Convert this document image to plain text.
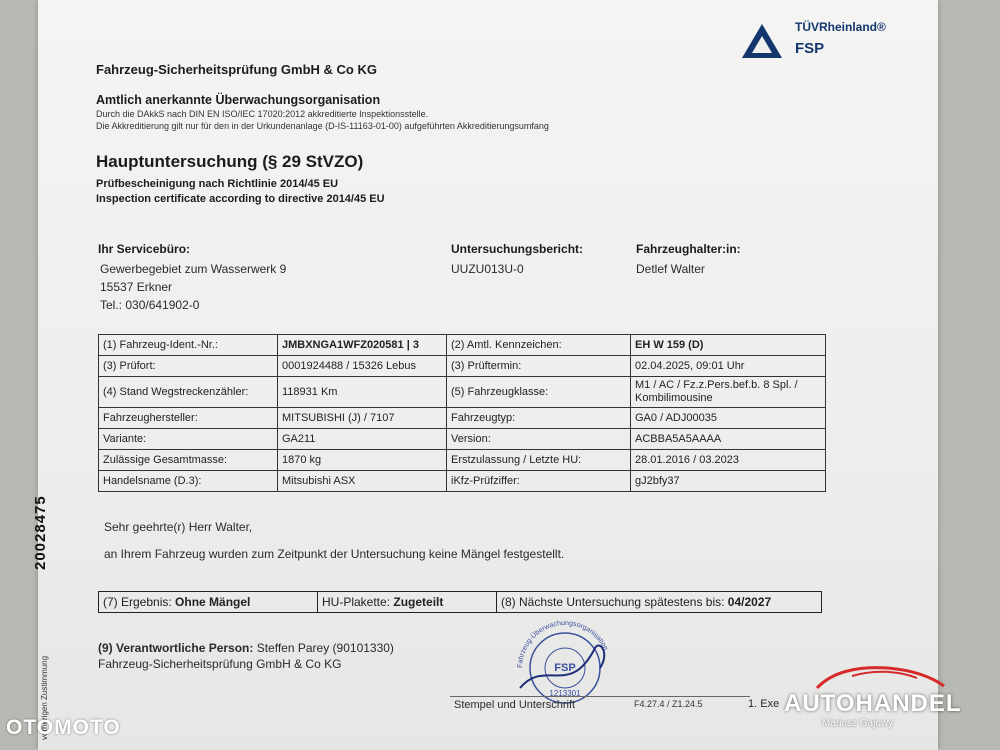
TÜVRheinland®
FSP
Fahrzeug-Sicherheitsprüfung GmbH & Co KG
Amtlich anerkannte Überwachungsorganisation
Durch die DAkkS nach DIN EN ISO/IEC 17020:2012 akkreditierte Inspektionsstelle.
Die Akkreditierung gilt nur für den in der Urkundenanlage (D-IS-11163-01-00) aufgeführten Akkreditierungsumfang
Hauptuntersuchung (§ 29 StVZO)
Prüfbescheinigung nach Richtlinie 2014/45 EU
Inspection certificate according to directive 2014/45 EU
Ihr Servicebüro:
Gewerbegebiet zum Wasserwerk 9
15537 Erkner
Tel.: 030/641902-0
Untersuchungsbericht:
UUZU013U-0
Fahrzeughalter:in:
Detlef Walter
(1) Fahrzeug-Ident.-Nr.:	JMBXNGA1WFZ020581 | 3	(2) Amtl. Kennzeichen:	EH W 159 (D)
(3) Prüfort:	0001924488 / 15326 Lebus	(3) Prüftermin:	02.04.2025, 09:01 Uhr
(4) Stand Wegstreckenzähler:	118931 Km	(5) Fahrzeugklasse:	M1 / AC / Fz.z.Pers.bef.b. 8 Spl. / Kombilimousine
Fahrzeughersteller:	MITSUBISHI (J) / 7107	Fahrzeugtyp:	GA0 / ADJ00035
Variante:	GA211	Version:	ACBBA5A5AAAA
Zulässige Gesamtmasse:	1870 kg	Erstzulassung / Letzte HU:	28.01.2016 / 03.2023
Handelsname (D.3):	Mitsubishi ASX	iKfz-Prüfziffer:	gJ2bfy37
Sehr geehrte(r) Herr Walter,
an Ihrem Fahrzeug wurden zum Zeitpunkt der Untersuchung keine Mängel festgestellt.
(7) Ergebnis: Ohne Mängel	HU-Plakette: Zugeteilt	(8) Nächste Untersuchung spätestens bis: 04/2027
(9) Verantwortliche Person: Steffen Parey (90101330)
Fahrzeug-Sicherheitsprüfung GmbH & Co KG	Fahrzeug-Überwachungsorganisation
FSP
1213301
Stempel und Unterschrift	F4.27.4 / Z1.24.5	1. Exe
20028475
vorherigen Zustimmung
OTOMOTO
AUTOHANDEL
Mariusz Gajowy
